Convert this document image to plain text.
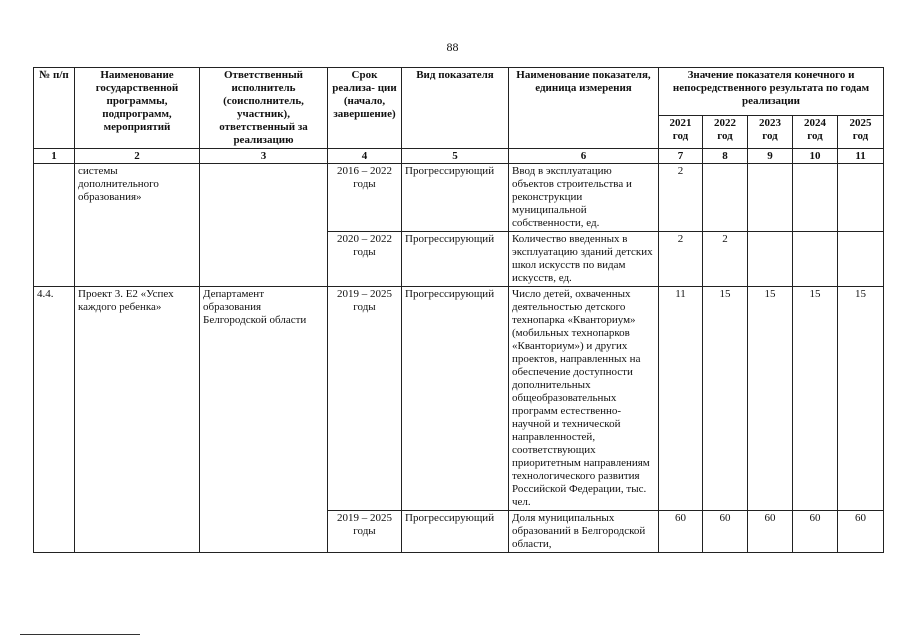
88
№ п/п	Наименование государственной программы, подпрограмм, мероприятий	Ответственный исполнитель (соисполнитель, участник), ответственный за реализацию	Срок реализа- ции (начало, завершение)	Вид показателя	Наименование показателя, единица измерения	Значение показателя конечного и непосредственного результата по годам реализации				
						2021 год	2022 год	2023 год	2024 год	2025 год
1	2	3	4	5	6	7	8	9	10	11
	системы дополнительного образования»		2016 – 2022 годы	Прогрессирующий	Ввод в эксплуатацию объектов строительства и реконструкции муниципальной собственности, ед.	2				
			2020 – 2022 годы	Прогрессирующий	Количество введенных в эксплуатацию зданий детских школ искусств по видам искусств, ед.	2	2			
4.4.	Проект 3. Е2 «Успех каждого ребенка»	Департамент образования Белгородской области	2019 – 2025 годы	Прогрессирующий	Число детей, охваченных деятельностью детского технопарка «Кванториум» (мобильных технопарков «Кванториум») и других проектов, направленных на обеспечение доступности дополнительных общеобразовательных программ естественно-научной и технической направленностей, соответствующих приоритетным направлениям технологического развития Российской Федерации, тыс. чел.	11	15	15	15	15
			2019 – 2025 годы	Прогрессирующий	Доля муниципальных образований в Белгородской области,	60	60	60	60	60
